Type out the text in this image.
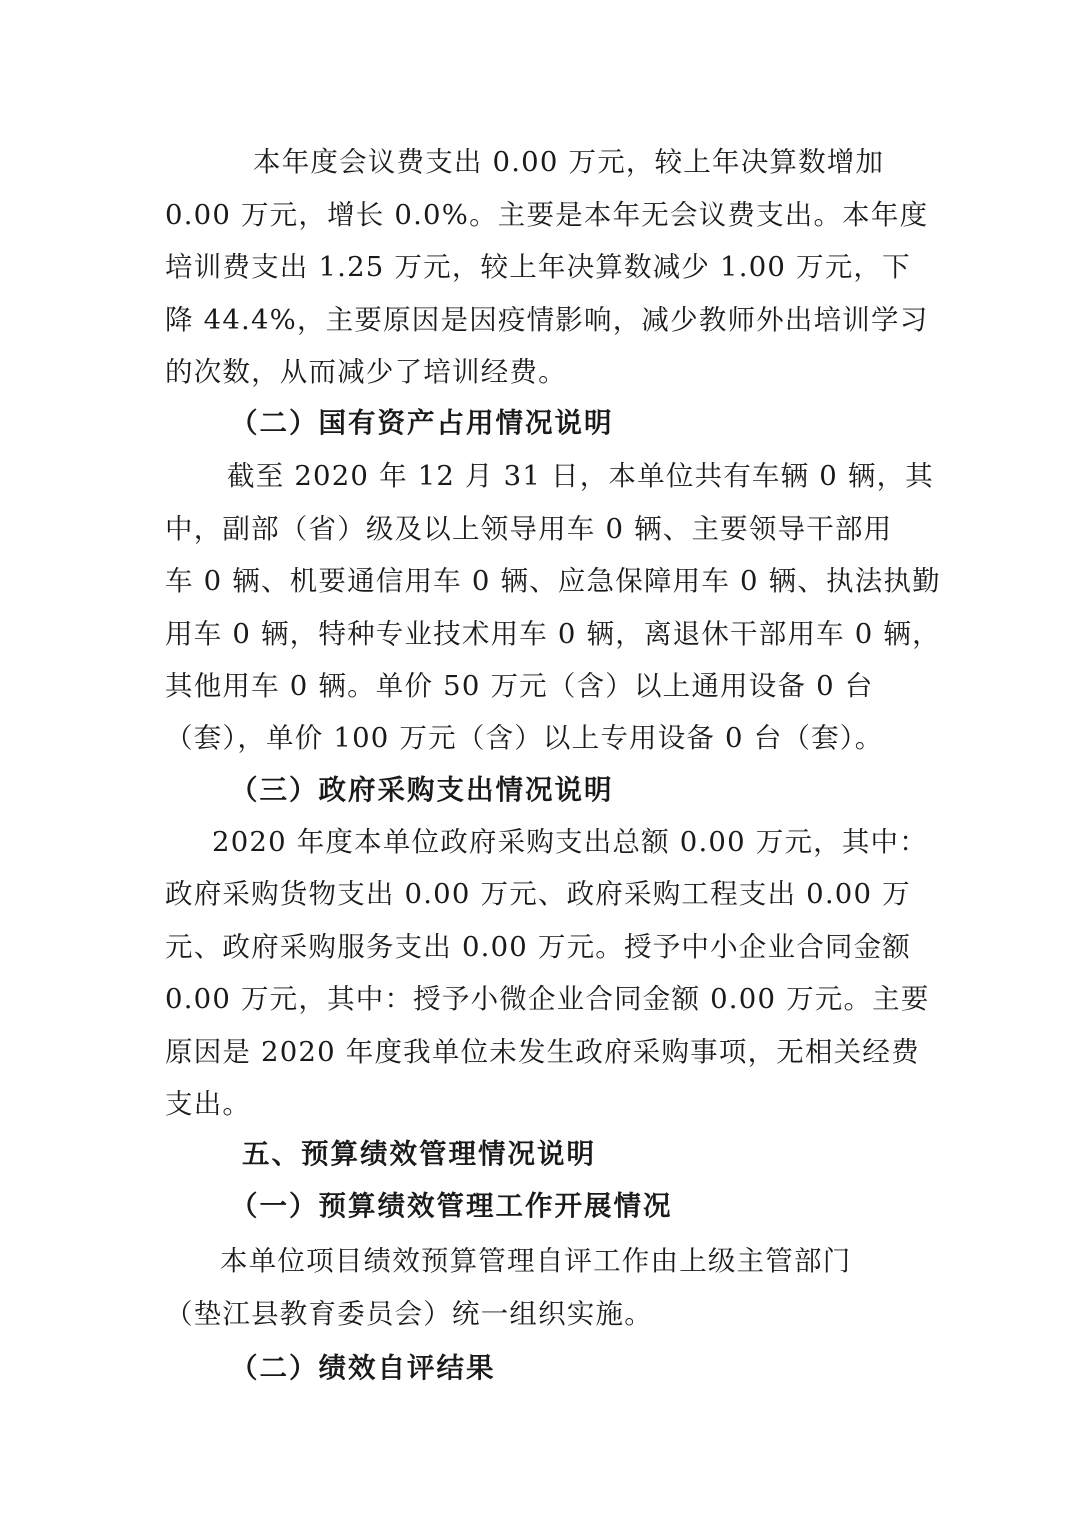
本年度会议费支出 0.00 万元，较上年决算数增加
0.00 万元，增长 0.0%。主要是本年无会议费支出。本年度
培训费支出 1.25 万元，较上年决算数减少 1.00 万元，下
降 44.4%，主要原因是因疫情影响，减少教师外出培训学习
的次数，从而减少了培训经费。
（二）国有资产占用情况说明
截至 2020 年 12 月 31 日，本单位共有车辆 0 辆，其
中，副部（省）级及以上领导用车 0 辆、主要领导干部用
车 0 辆、机要通信用车 0 辆、应急保障用车 0 辆、执法执勤
用车 0 辆，特种专业技术用车 0 辆，离退休干部用车 0 辆，
其他用车 0 辆。单价 50 万元（含）以上通用设备 0 台
（套），单价 100 万元（含）以上专用设备 0 台（套）。
（三）政府采购支出情况说明
2020 年度本单位政府采购支出总额 0.00 万元，其中：
政府采购货物支出 0.00 万元、政府采购工程支出 0.00 万
元、政府采购服务支出 0.00 万元。授予中小企业合同金额
0.00 万元，其中：授予小微企业合同金额 0.00 万元。主要
原因是 2020 年度我单位未发生政府采购事项，无相关经费
支出。
五、预算绩效管理情况说明
（一）预算绩效管理工作开展情况
本单位项目绩效预算管理自评工作由上级主管部门
（垫江县教育委员会）统一组织实施。
（二）绩效自评结果
